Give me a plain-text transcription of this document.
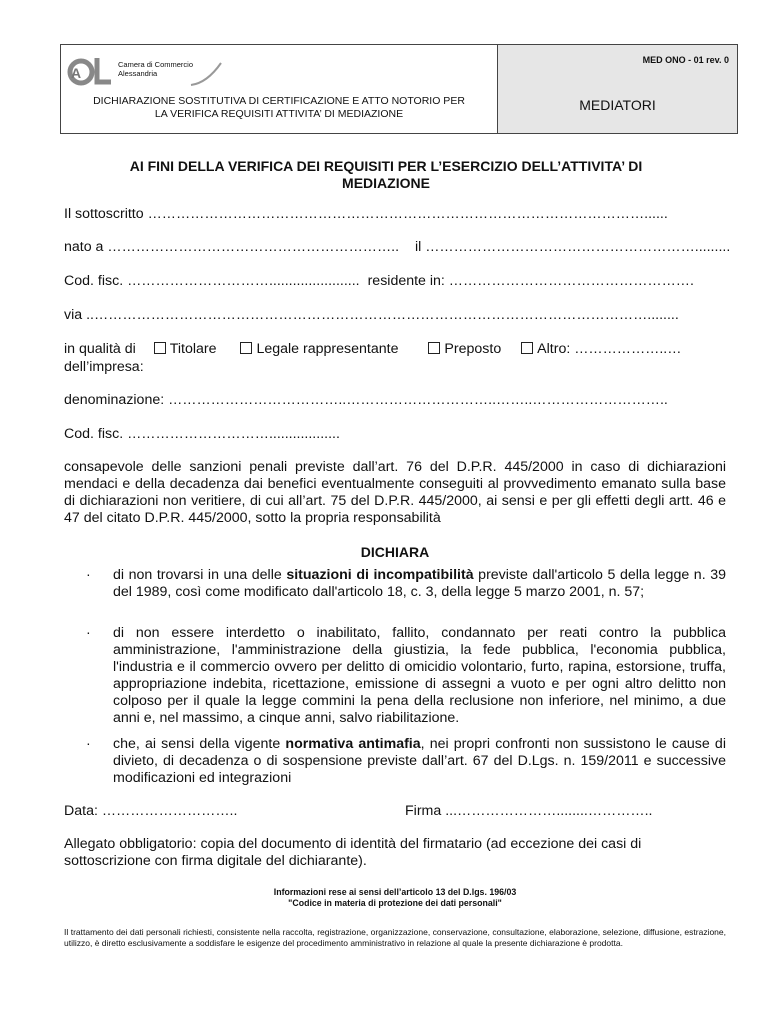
A
Camera di Commercio
Alessandria
DICHIARAZIONE SOSTITUTIVA DI CERTIFICAZIONE E ATTO NOTORIO PER
LA VERIFICA REQUISITI ATTIVITA’ DI MEDIAZIONE
MED ONO - 01 rev. 0
MEDIATORI
AI FINI DELLA VERIFICA DEI REQUISITI PER L’ESERCIZIO DELL’ATTIVITA’ DI
MEDIAZIONE
Il sottoscritto ……………………………………………………………………………………………......
nato a …………………………………………………….. il ………………………………………………….........
Cod. fisc. …………………………....................... residente in: …………………………………………….
via ..………………………………………………………………………………………………………........
in qualità di Titolare	Legale rappresentante	Preposto	Altro: ………………..…
dell’impresa:
denominazione: ………………………………..…………………………..……..………………………..
Cod. fisc. …………………………..................
consapevole delle sanzioni penali previste dall’art. 76 del D.P.R. 445/2000 in caso di dichiarazioni mendaci e della decadenza dai benefici eventualmente conseguiti al provvedimento emanato sulla base di dichiarazioni non veritiere, di cui all’art. 75 del D.P.R. 445/2000, ai sensi e per gli effetti degli artt. 46 e 47 del citato D.P.R. 445/2000, sotto la propria responsabilità
DICHIARA
· di non trovarsi in una delle situazioni di incompatibilità previste dall'articolo 5 della legge n. 39 del 1989, così come modificato dall'articolo 18, c. 3, della legge 5 marzo 2001, n. 57;
· di non essere interdetto o inabilitato, fallito, condannato per reati contro la pubblica amministrazione, l'amministrazione della giustizia, la fede pubblica, l'economia pubblica, l'industria e il commercio ovvero per delitto di omicidio volontario, furto, rapina, estorsione, truffa, appropriazione indebita, ricettazione, emissione di assegni a vuoto e per ogni altro delitto non colposo per il quale la legge commini la pena della reclusione non inferiore, nel minimo, a due anni e, nel massimo, a cinque anni, salvo riabilitazione.
· che, ai sensi della vigente normativa antimafia, nei propri confronti non sussistono le cause di divieto, di decadenza o di sospensione previste dall’art. 67 del D.Lgs. n. 159/2011 e successive modificazioni ed integrazioni
Data: ………………………..	Firma ...…………………........…………..
Allegato obbligatorio: copia del documento di identità del firmatario (ad eccezione dei casi di sottoscrizione con firma digitale del dichiarante).
Informazioni rese ai sensi dell’articolo 13 del D.lgs. 196/03
"Codice in materia di protezione dei dati personali"
Il trattamento dei dati personali richiesti, consistente nella raccolta, registrazione, organizzazione, conservazione, consultazione, elaborazione, selezione, diffusione, estrazione, utilizzo, è diretto esclusivamente a soddisfare le esigenze del procedimento amministrativo in relazione al quale la presente dichiarazione è prodotta.
